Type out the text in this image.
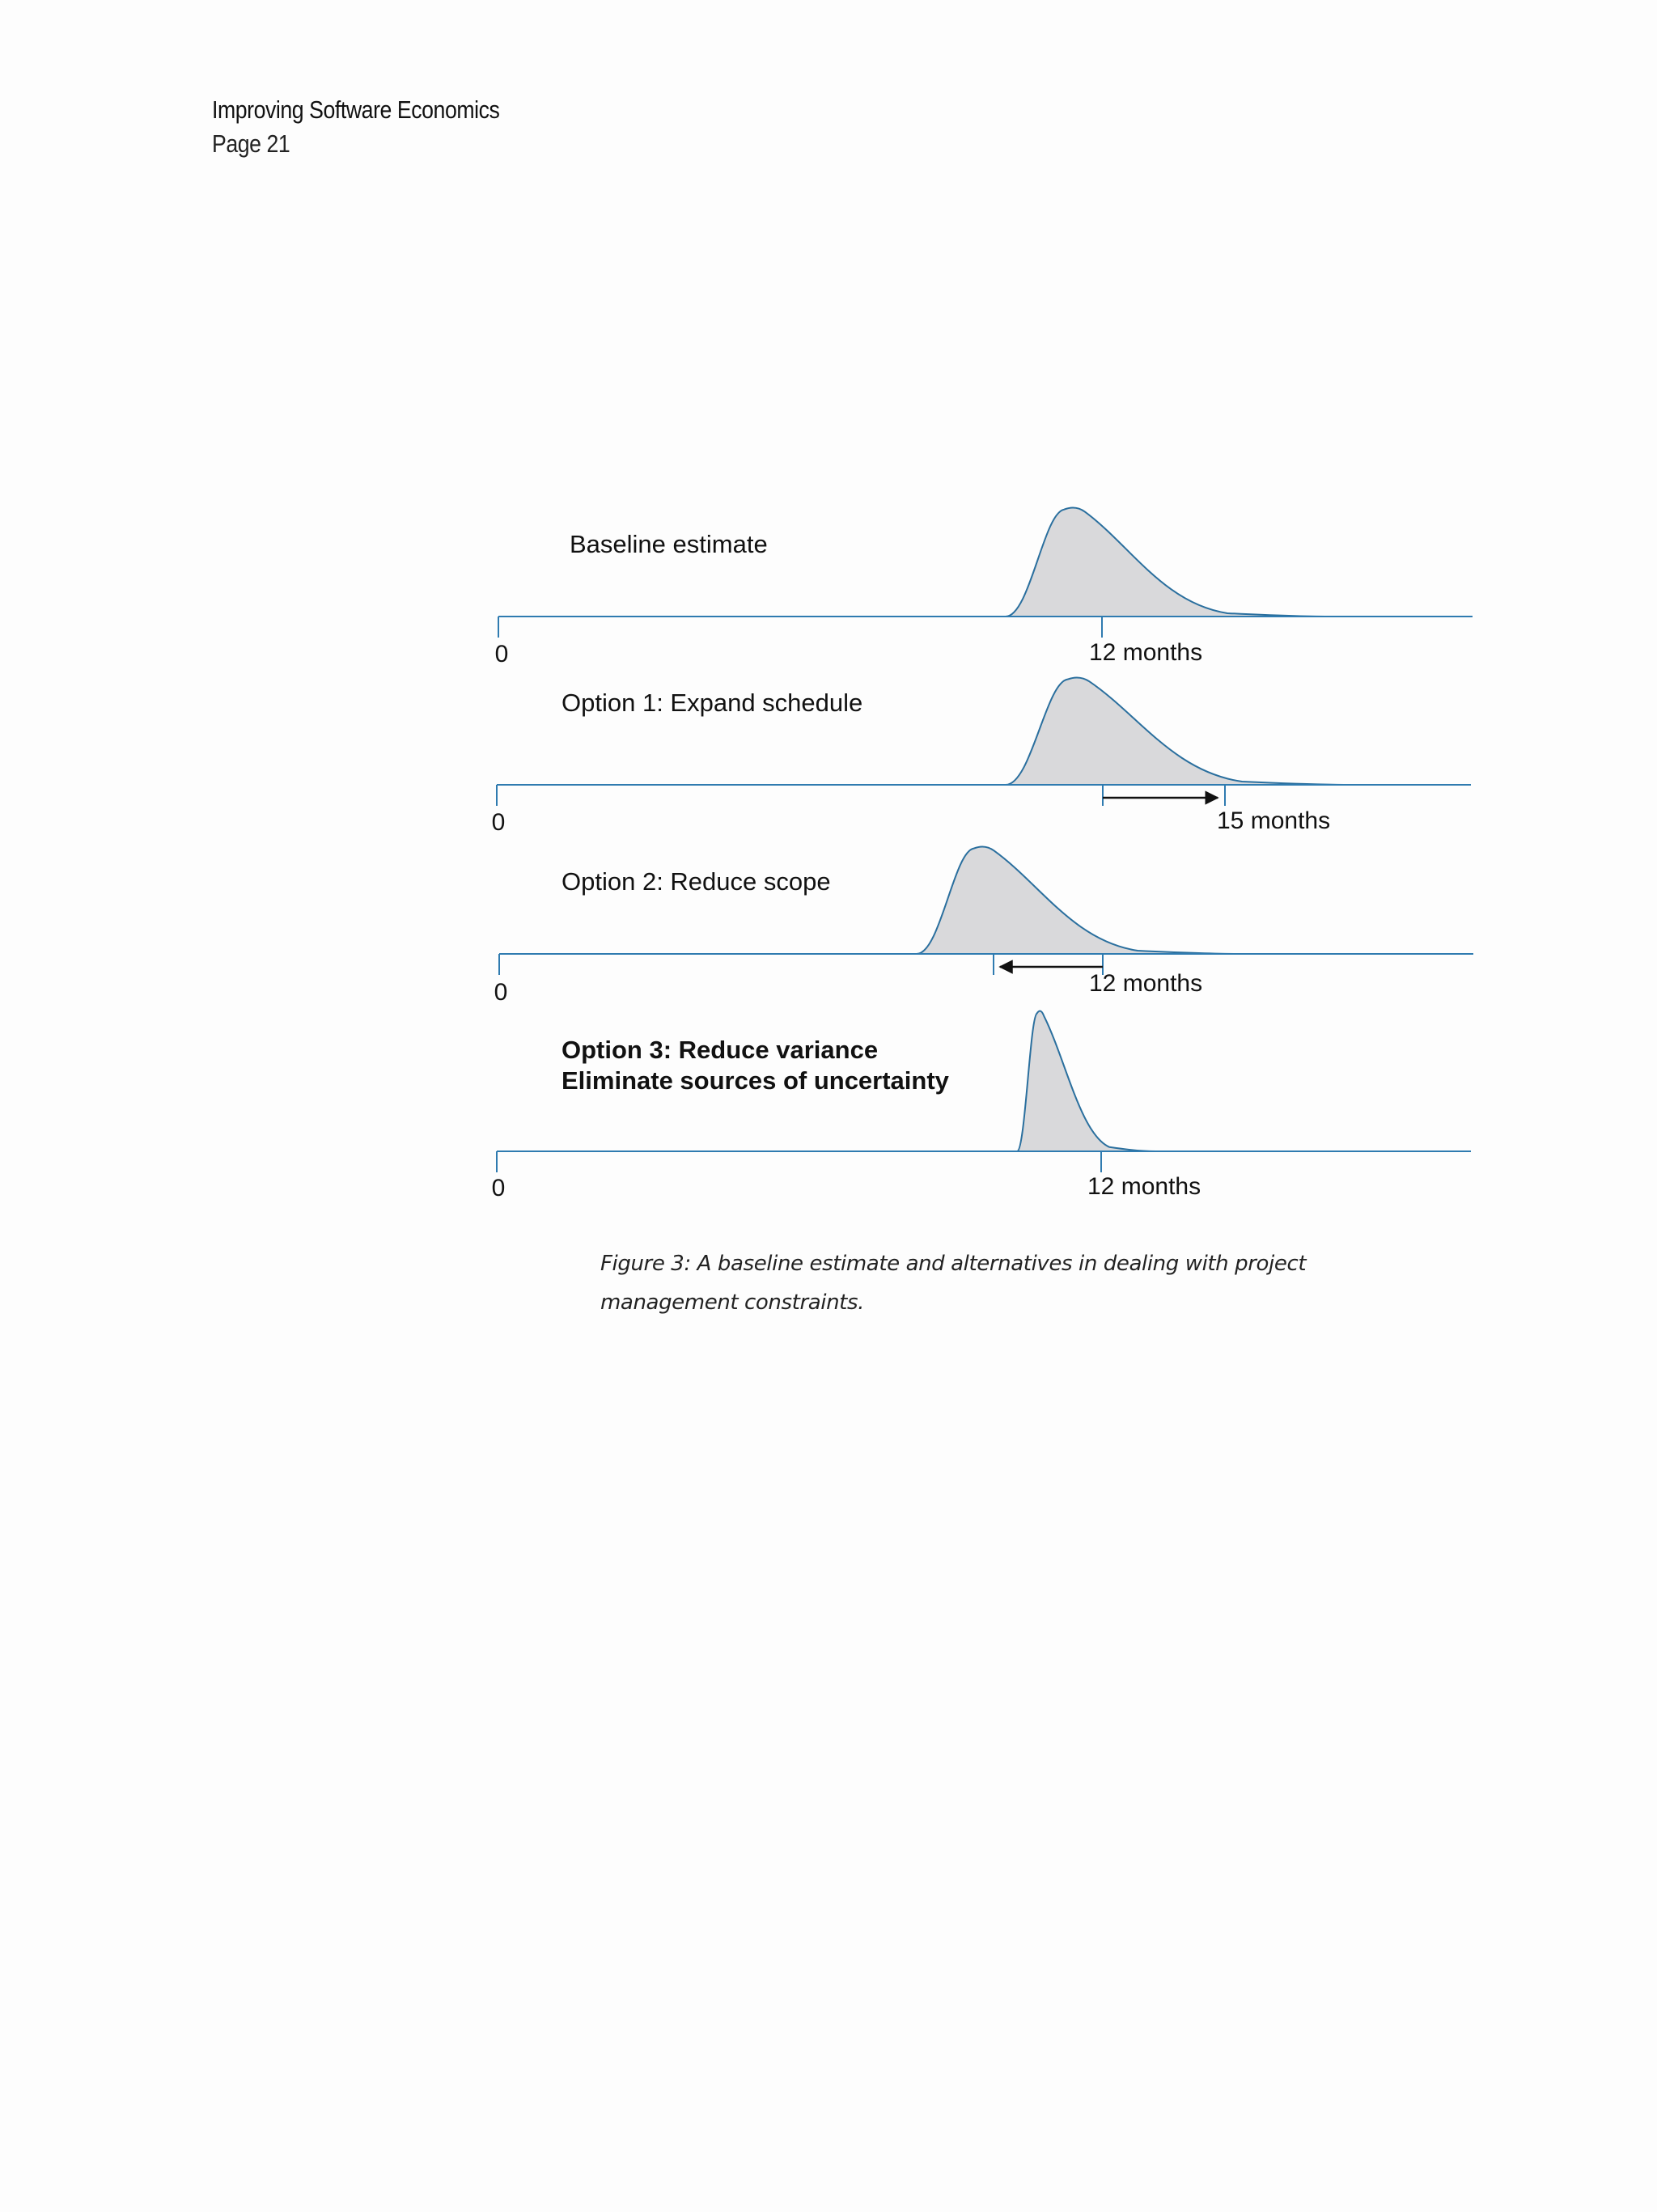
Improving Software Economics
Page 21
Baseline estimate
0	12 months
Option 1: Expand schedule
0	15 months
Option 2: Reduce scope
0	12 months
Option 3: Reduce variance Eliminate sources of uncertainty
0	12 months
Figure 3: A baseline estimate and alternatives in dealing with project management constraints.
